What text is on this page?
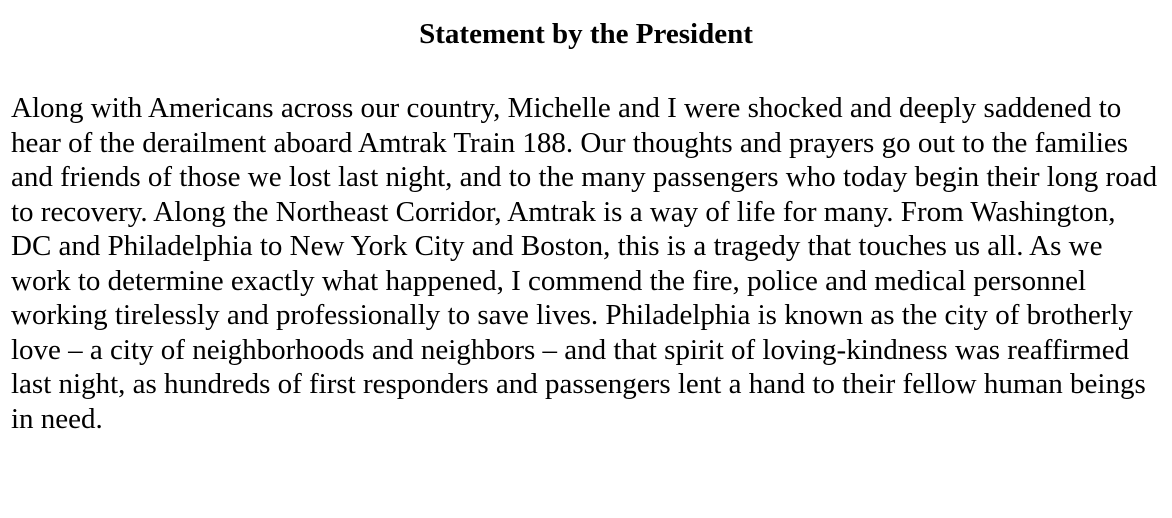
Statement by the President

Along with Americans across our country, Michelle and I were shocked and deeply saddened to hear of the derailment aboard Amtrak Train 188. Our thoughts and prayers go out to the families and friends of those we lost last night, and to the many passengers who today begin their long road to recovery. Along the Northeast Corridor, Amtrak is a way of life for many. From Washington, DC and Philadelphia to New York City and Boston, this is a tragedy that touches us all. As we work to determine exactly what happened, I commend the fire, police and medical personnel working tirelessly and professionally to save lives. Philadelphia is known as the city of brotherly love – a city of neighborhoods and neighbors – and that spirit of loving-kindness was reaffirmed last night, as hundreds of first responders and passengers lent a hand to their fellow human beings in need.
